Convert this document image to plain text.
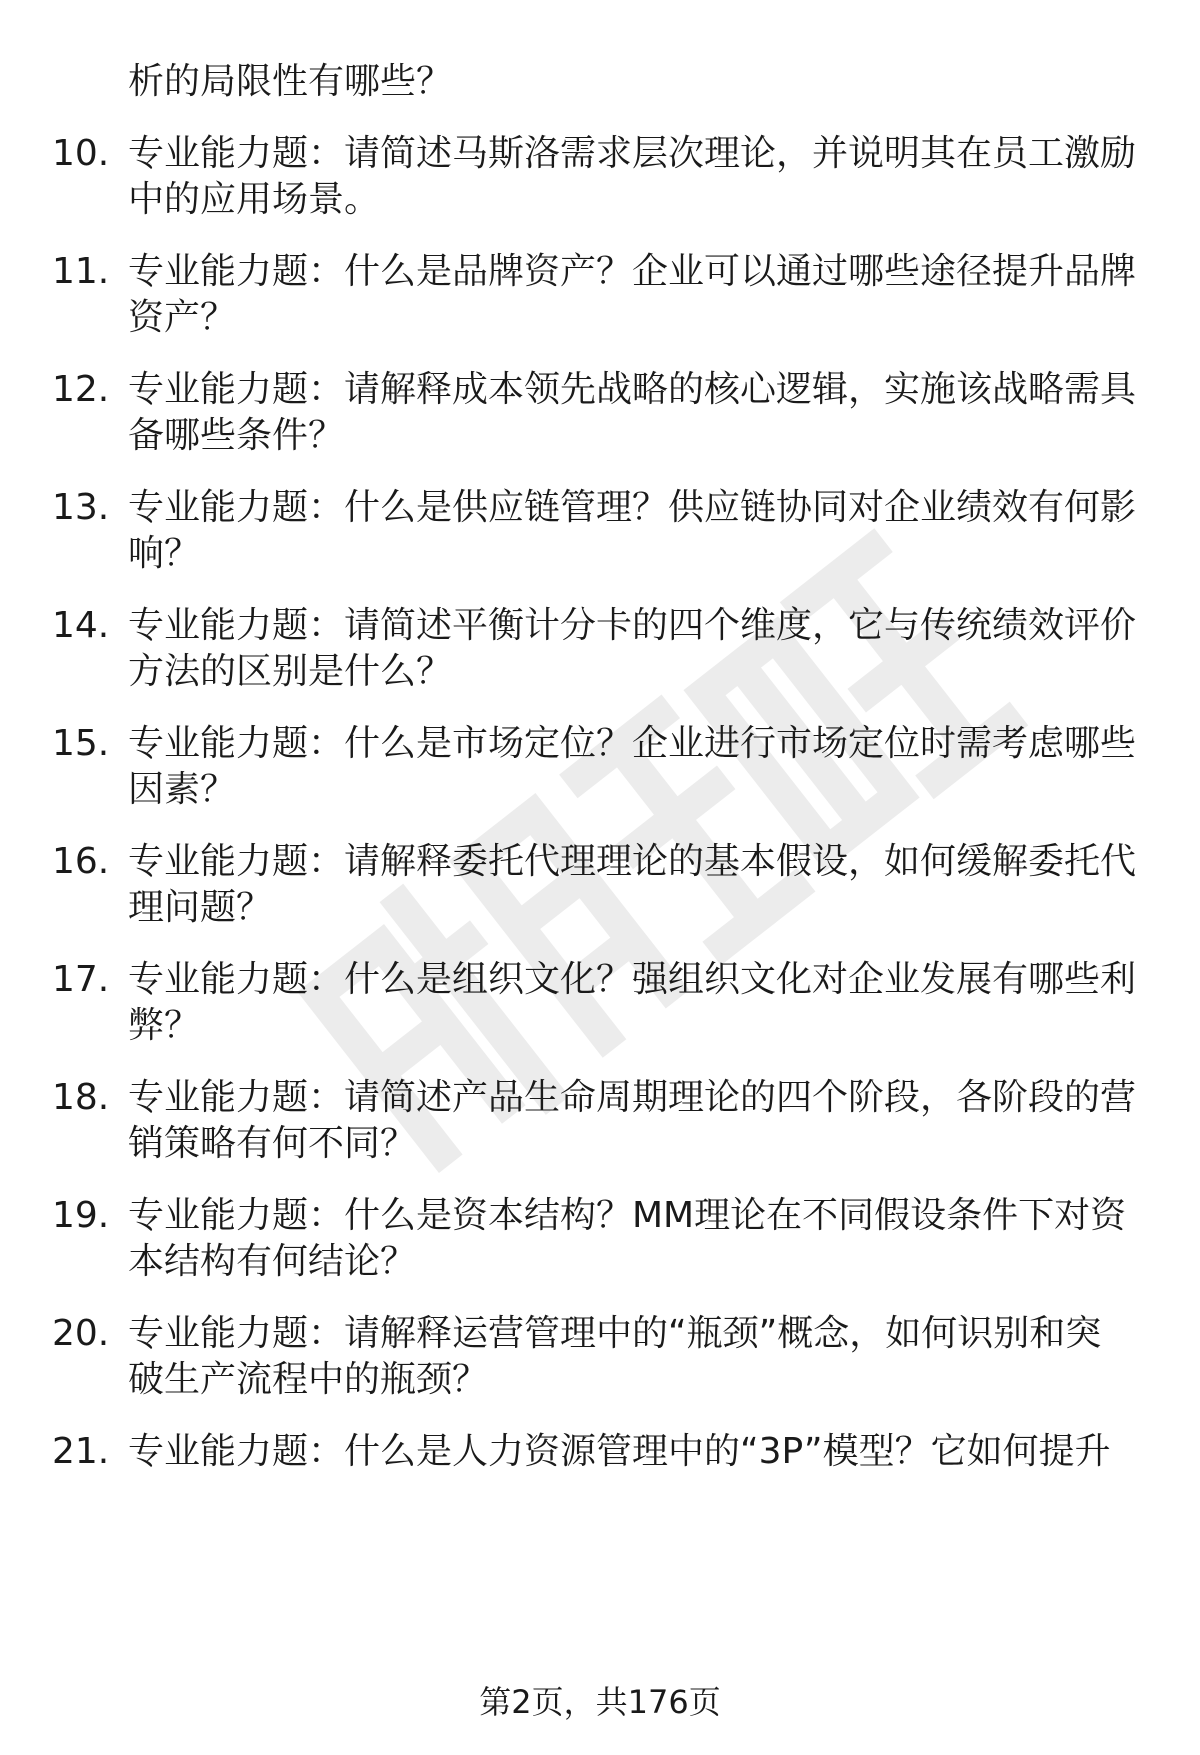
析的局限性有哪些？
10. 专业能力题：请简述马斯洛需求层次理论，并说明其在员工激励
中的应用场景。
11. 专业能力题：什么是品牌资产？企业可以通过哪些途径提升品牌
资产？
12. 专业能力题：请解释成本领先战略的核心逻辑，实施该战略需具
备哪些条件？
13. 专业能力题：什么是供应链管理？供应链协同对企业绩效有何影
响？
14. 专业能力题：请简述平衡计分卡的四个维度，它与传统绩效评价
方法的区别是什么？
15. 专业能力题：什么是市场定位？企业进行市场定位时需考虑哪些
因素？
16. 专业能力题：请解释委托代理理论的基本假设，如何缓解委托代
理问题？
17. 专业能力题：什么是组织文化？强组织文化对企业发展有哪些利
弊？
18. 专业能力题：请简述产品生命周期理论的四个阶段，各阶段的营
销策略有何不同？
19. 专业能力题：什么是资本结构？MM理论在不同假设条件下对资
本结构有何结论？
20. 专业能力题：请解释运营管理中的“瓶颈”概念，如何识别和突
破生产流程中的瓶颈？
21. 专业能力题：什么是人力资源管理中的“3P”模型？它如何提升
第2页，共176页
